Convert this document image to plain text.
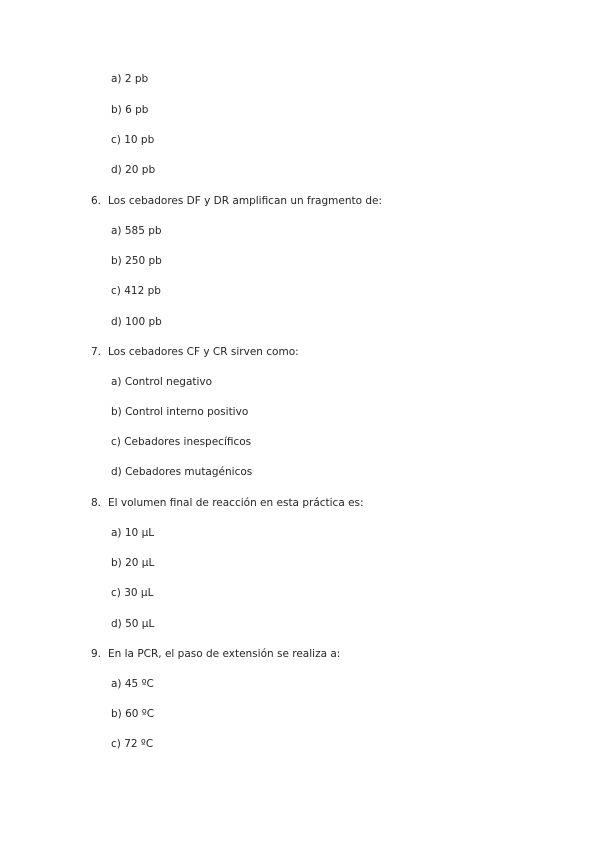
a) 2 pb
b) 6 pb
c) 10 pb
d) 20 pb
6. Los cebadores DF y DR amplifican un fragmento de:
a) 585 pb
b) 250 pb
c) 412 pb
d) 100 pb
7. Los cebadores CF y CR sirven como:
a) Control negativo
b) Control interno positivo
c) Cebadores inespecíficos
d) Cebadores mutagénicos
8. El volumen final de reacción en esta práctica es:
a) 10 μL
b) 20 μL
c) 30 μL
d) 50 μL
9. En la PCR, el paso de extensión se realiza a:
a) 45 ºC
b) 60 ºC
c) 72 ºC
